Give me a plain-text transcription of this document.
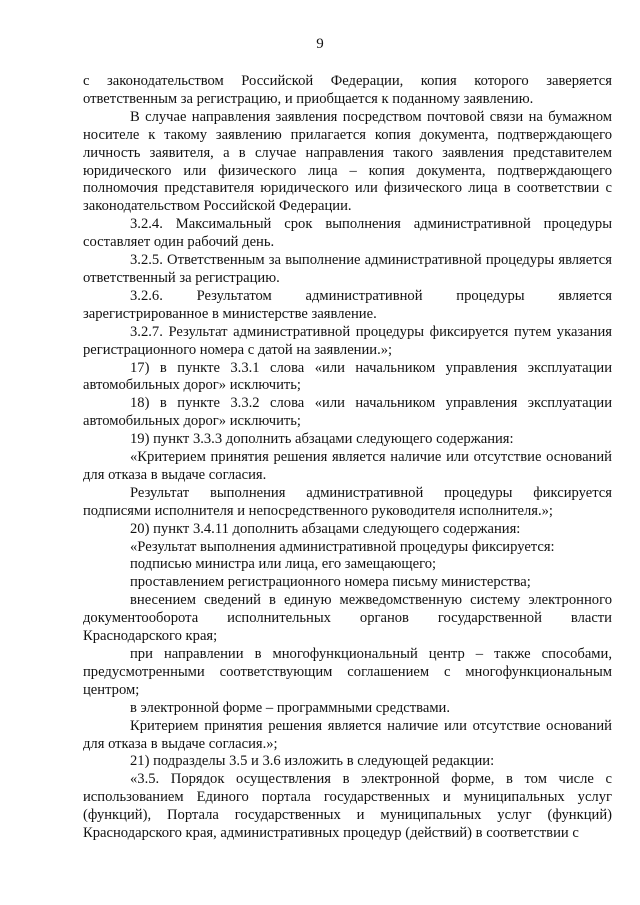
9

с законодательством Российской Федерации, копия которого заверяется ответственным за регистрацию, и приобщается к поданному заявлению.

В случае направления заявления посредством почтовой связи на бумажном носителе к такому заявлению прилагается копия документа, подтверждающего личность заявителя, а в случае направления такого заявления представителем юридического или физического лица – копия документа, подтверждающего полномочия представителя юридического или физического лица в соответствии с законодательством Российской Федерации.

3.2.4. Максимальный срок выполнения административной процедуры составляет один рабочий день.

3.2.5. Ответственным за выполнение административной процедуры является ответственный за регистрацию.

3.2.6. Результатом административной процедуры является зарегистрированное в министерстве заявление.

3.2.7. Результат административной процедуры фиксируется путем указания регистрационного номера с датой на заявлении.»;

17) в пункте 3.3.1 слова «или начальником управления эксплуатации автомобильных дорог» исключить;

18) в пункте 3.3.2 слова «или начальником управления эксплуатации автомобильных дорог» исключить;

19) пункт 3.3.3 дополнить абзацами следующего содержания:

«Критерием принятия решения является наличие или отсутствие оснований для отказа в выдаче согласия.

Результат выполнения административной процедуры фиксируется подписями исполнителя и непосредственного руководителя исполнителя.»;

20) пункт 3.4.11 дополнить абзацами следующего содержания:

«Результат выполнения административной процедуры фиксируется:

подписью министра или лица, его замещающего;

проставлением регистрационного номера письму министерства;

внесением сведений в единую межведомственную систему электронного документооборота исполнительных органов государственной власти Краснодарского края;

при направлении в многофункциональный центр – также способами, предусмотренными соответствующим соглашением с многофункциональным центром;

в электронной форме – программными средствами.

Критерием принятия решения является наличие или отсутствие оснований для отказа в выдаче согласия.»;

21) подразделы 3.5 и 3.6 изложить в следующей редакции:

«3.5. Порядок осуществления в электронной форме, в том числе с использованием Единого портала государственных и муниципальных услуг (функций), Портала государственных и муниципальных услуг (функций) Краснодарского края, административных процедур (действий) в соответствии с
